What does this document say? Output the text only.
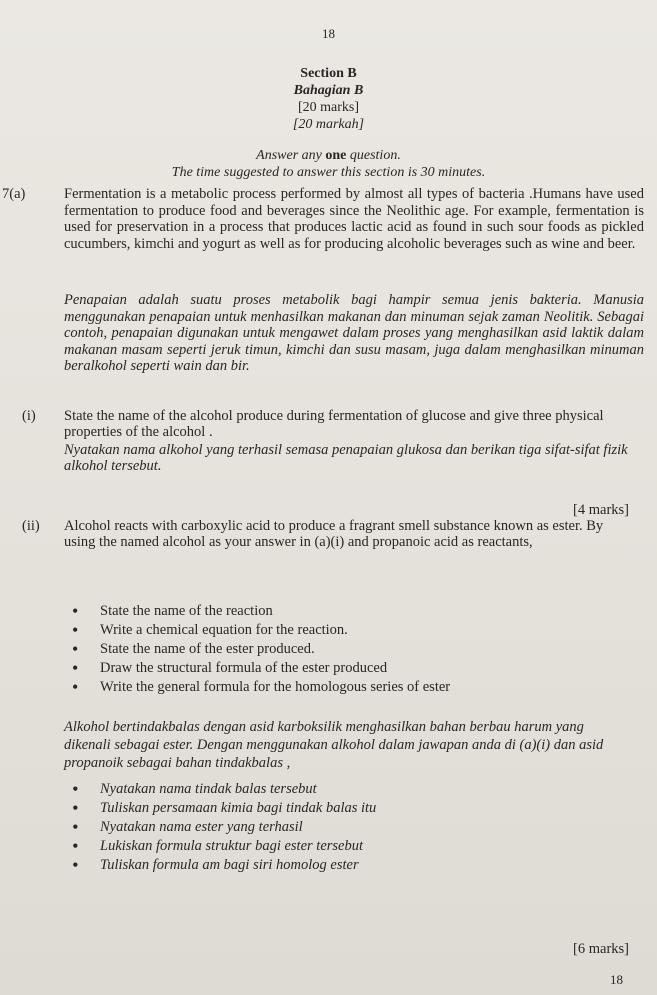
18
Section B
Bahagian B
[20 marks]
[20 markah]
Answer any one question.
The time suggested to answer this section is 30 minutes.
7(a)	Fermentation is a metabolic process performed by almost all types of bacteria .Humans have used fermentation to produce food and beverages since the Neolithic age. For example, fermentation is used for preservation in a process that produces lactic acid as found in such sour foods as pickled cucumbers, kimchi and yogurt as well as for producing alcoholic beverages such as wine and beer.
Penapaian adalah suatu proses metabolik bagi hampir semua jenis bakteria. Manusia menggunakan penapaian untuk menhasilkan makanan dan minuman sejak zaman Neolitik. Sebagai contoh, penapaian digunakan untuk mengawet dalam proses yang menghasilkan asid laktik dalam makanan masam seperti jeruk timun, kimchi dan susu masam, juga dalam menghasilkan minuman beralkohol seperti wain dan bir.
(i) State the name of the alcohol produce during fermentation of glucose and give three physical properties of the alcohol .
Nyatakan nama alkohol yang terhasil semasa penapaian glukosa dan berikan tiga sifat-sifat fizik alkohol tersebut.
[4 marks]
(ii) Alcohol reacts with carboxylic acid to produce a fragrant smell substance known as ester. By using the named alcohol as your answer in (a)(i) and propanoic acid as reactants,
• State the name of the reaction
• Write a chemical equation for the reaction.
• State the name of the ester produced.
• Draw the structural formula of the ester produced
• Write the general formula for the homologous series of ester
Alkohol bertindakbalas dengan asid karboksilik menghasilkan bahan berbau harum yang dikenali sebagai ester. Dengan menggunakan alkohol dalam jawapan anda di (a)(i) dan asid propanoik sebagai bahan tindakbalas ,
• Nyatakan nama tindak balas tersebut
• Tuliskan persamaan kimia bagi tindak balas itu
• Nyatakan nama ester yang terhasil
• Lukiskan formula struktur bagi ester tersebut
• Tuliskan formula am bagi siri homolog ester
[6 marks]
18
